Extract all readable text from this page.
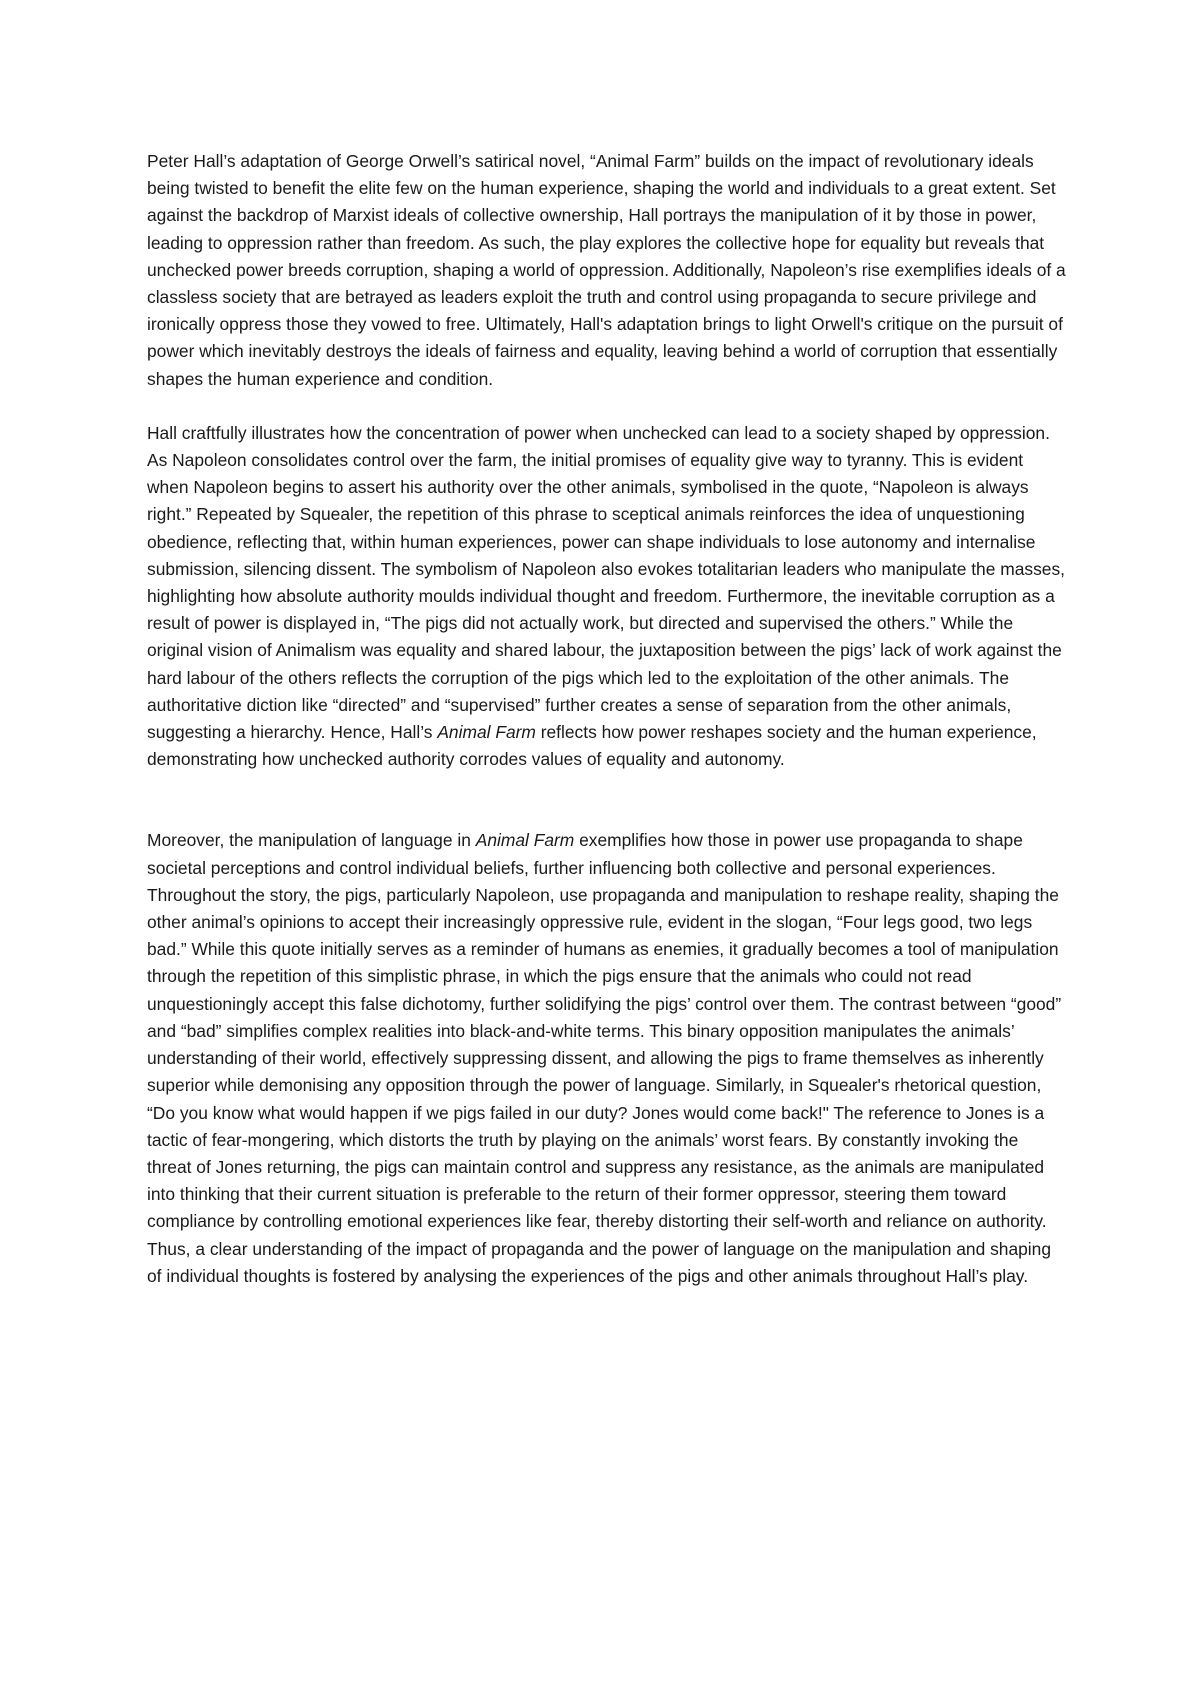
Peter Hall’s adaptation of George Orwell’s satirical novel, “Animal Farm” builds on the impact of revolutionary ideals being twisted to benefit the elite few on the human experience, shaping the world and individuals to a great extent. Set against the backdrop of Marxist ideals of collective ownership, Hall portrays the manipulation of it by those in power, leading to oppression rather than freedom. As such, the play explores the collective hope for equality but reveals that unchecked power breeds corruption, shaping a world of oppression. Additionally, Napoleon’s rise exemplifies ideals of a classless society that are betrayed as leaders exploit the truth and control using propaganda to secure privilege and ironically oppress those they vowed to free. Ultimately, Hall's adaptation brings to light Orwell's critique on the pursuit of power which inevitably destroys the ideals of fairness and equality, leaving behind a world of corruption that essentially shapes the human experience and condition.

Hall craftfully illustrates how the concentration of power when unchecked can lead to a society shaped by oppression. As Napoleon consolidates control over the farm, the initial promises of equality give way to tyranny. This is evident when Napoleon begins to assert his authority over the other animals, symbolised in the quote, “Napoleon is always right.” Repeated by Squealer, the repetition of this phrase to sceptical animals reinforces the idea of unquestioning obedience, reflecting that, within human experiences, power can shape individuals to lose autonomy and internalise submission, silencing dissent. The symbolism of Napoleon also evokes totalitarian leaders who manipulate the masses, highlighting how absolute authority moulds individual thought and freedom. Furthermore, the inevitable corruption as a result of power is displayed in, “The pigs did not actually work, but directed and supervised the others.” While the original vision of Animalism was equality and shared labour, the juxtaposition between the pigs’ lack of work against the hard labour of the others reflects the corruption of the pigs which led to the exploitation of the other animals. The authoritative diction like “directed” and “supervised” further creates a sense of separation from the other animals, suggesting a hierarchy. Hence, Hall’s Animal Farm reflects how power reshapes society and the human experience, demonstrating how unchecked authority corrodes values of equality and autonomy.

Moreover, the manipulation of language in Animal Farm exemplifies how those in power use propaganda to shape societal perceptions and control individual beliefs, further influencing both collective and personal experiences. Throughout the story, the pigs, particularly Napoleon, use propaganda and manipulation to reshape reality, shaping the other animal’s opinions to accept their increasingly oppressive rule, evident in the slogan, “Four legs good, two legs bad.” While this quote initially serves as a reminder of humans as enemies, it gradually becomes a tool of manipulation through the repetition of this simplistic phrase, in which the pigs ensure that the animals who could not read unquestioningly accept this false dichotomy, further solidifying the pigs’ control over them. The contrast between “good” and “bad” simplifies complex realities into black-and-white terms. This binary opposition manipulates the animals’ understanding of their world, effectively suppressing dissent, and allowing the pigs to frame themselves as inherently superior while demonising any opposition through the power of language. Similarly, in Squealer's rhetorical question, “Do you know what would happen if we pigs failed in our duty? Jones would come back!" The reference to Jones is a tactic of fear-mongering, which distorts the truth by playing on the animals’ worst fears. By constantly invoking the threat of Jones returning, the pigs can maintain control and suppress any resistance, as the animals are manipulated into thinking that their current situation is preferable to the return of their former oppressor, steering them toward compliance by controlling emotional experiences like fear, thereby distorting their self-worth and reliance on authority. Thus, a clear understanding of the impact of propaganda and the power of language on the manipulation and shaping of individual thoughts is fostered by analysing the experiences of the pigs and other animals throughout Hall’s play.
